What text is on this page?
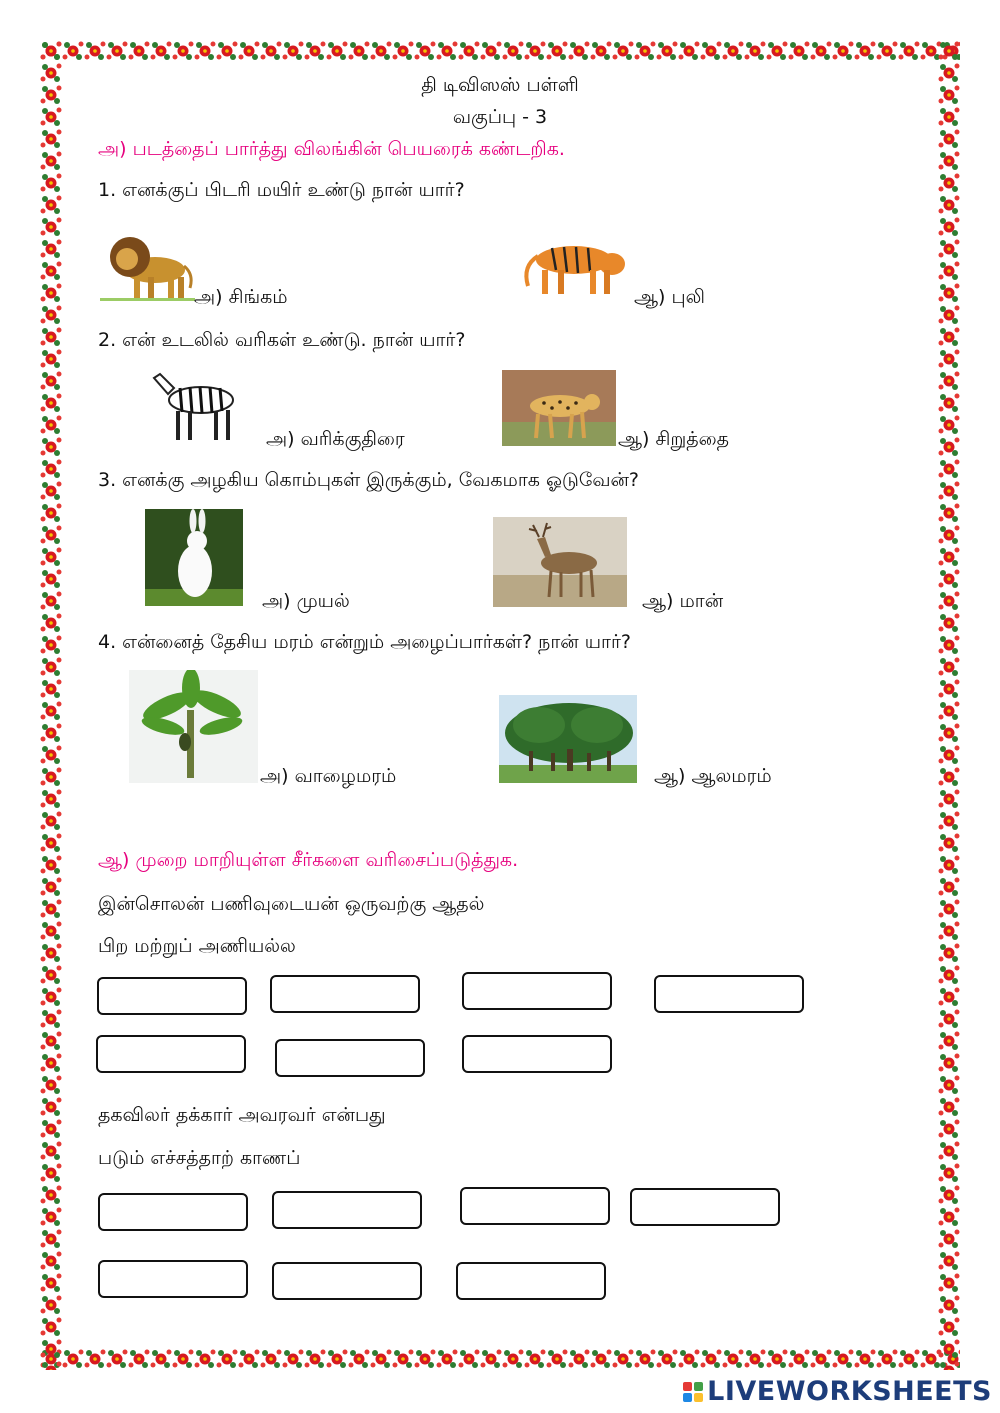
தி டிவிஸஸ் பள்ளி
வகுப்பு - 3
அ) படத்தைப் பார்த்து விலங்கின் பெயரைக் கண்டறிக.
1. எனக்குப் பிடரி மயிர் உண்டு நான் யார்?
அ) சிங்கம்	ஆ) புலி
2. என் உடலில் வரிகள் உண்டு. நான் யார்?
அ) வரிக்குதிரை	ஆ) சிறுத்தை
3. எனக்கு அழகிய கொம்புகள் இருக்கும், வேகமாக ஓடுவேன்?
அ) முயல்	ஆ) மான்
4. என்னைத் தேசிய மரம் என்றும் அழைப்பார்கள்? நான் யார்?
அ) வாழைமரம்	ஆ) ஆலமரம்
ஆ) முறை மாறியுள்ள சீர்களை வரிசைப்படுத்துக.
இன்சொலன் பணிவுடையன் ஒருவற்கு ஆதல்
பிற மற்றுப் அணியல்ல
தகவிலர் தக்கார் அவரவர் என்பது
படும் எச்சத்தாற் காணப்
LIVEWORKSHEETS
